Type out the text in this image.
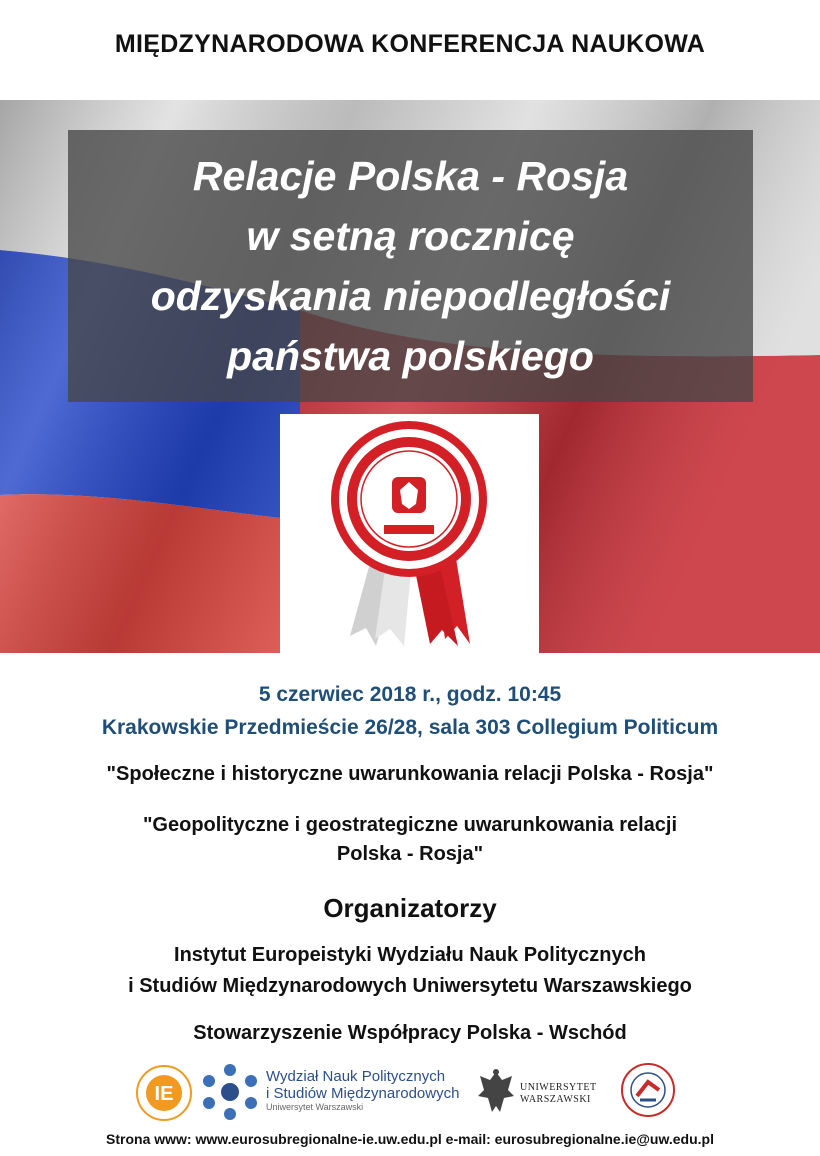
MIĘDZYNARODOWA KONFERENCJA NAUKOWA
Relacje Polska - Rosja
w setną rocznicę
odzyskania niepodległości
państwa polskiego
5 czerwiec 2018 r., godz. 10:45
Krakowskie Przedmieście 26/28, sala 303 Collegium Politicum
"Społeczne i historyczne uwarunkowania relacji Polska - Rosja"
"Geopolityczne i geostrategiczne uwarunkowania relacji
Polska - Rosja"
Organizatorzy
Instytut Europeistyki Wydziału Nauk Politycznych
i Studiów Międzynarodowych Uniwersytetu Warszawskiego
Stowarzyszenie Współpracy Polska - Wschód
IE
Wydział Nauk Politycznych
i Studiów Międzynarodowych
Uniwersytet Warszawski
UNIWERSYTET
WARSZAWSKI
Strona www: www.eurosubregionalne-ie.uw.edu.pl e-mail: eurosubregionalne.ie@uw.edu.pl
